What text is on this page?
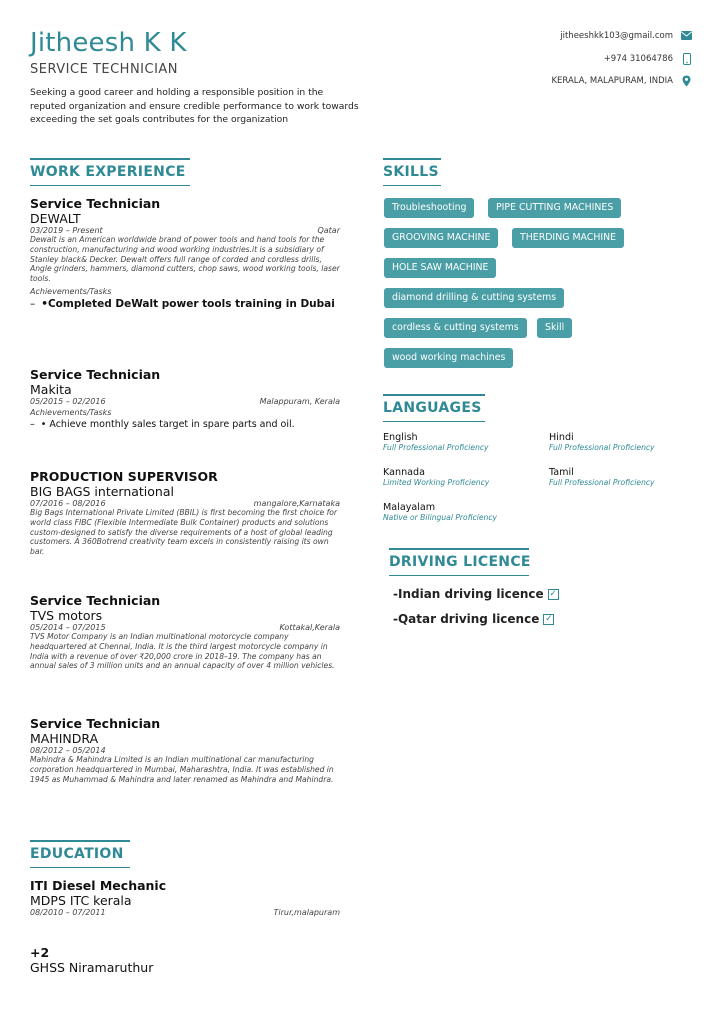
Jitheesh K K
SERVICE TECHNICIAN
Seeking a good career and holding a responsible position in the reputed organization and ensure credible performance to work towards exceeding the set goals contributes for the organization
jitheeshkk103@gmail.com
+974 31064786
KERALA, MALAPURAM, INDIA
WORK EXPERIENCE
Service Technician
DEWALT
03/2019 – Present	Qatar
Dewalt is an American worldwide brand of power tools and hand tools for the construction, manufacturing and wood working industries.it is a subsidiary of Stanley black& Decker. Dewalt offers full range of corded and cordless drills, Angle grinders, hammers, diamond cutters, chop saws, wood working tools, laser tools.
Achievements/Tasks
– •Completed DeWalt power tools training in Dubai
Service Technician
Makita
05/2015 – 02/2016	Malappuram, Kerala
Achievements/Tasks
– • Achieve monthly sales target in spare parts and oil.
PRODUCTION SUPERVISOR
BIG BAGS international
07/2016 – 08/2016	mangalore,Karnataka
Big Bags International Private Limited (BBIL) is first becoming the first choice for world class FIBC (Flexible Intermediate Bulk Container) products and solutions custom-designed to satisfy the diverse requirements of a host of global leading customers. A 360Botrend creativity team excels in consistently raising its own bar.
Service Technician
TVS motors
05/2014 – 07/2015	Kottakal,Kerala
TVS Motor Company is an Indian multinational motorcycle company headquartered at Chennai, India. It is the third largest motorcycle company in India with a revenue of over ₹20,000 crore in 2018–19. The company has an annual sales of 3 million units and an annual capacity of over 4 million vehicles.
Service Technician
MAHINDRA
08/2012 – 05/2014
Mahindra & Mahindra Limited is an Indian multinational car manufacturing corporation headquartered in Mumbai, Maharashtra, India. It was established in 1945 as Muhammad & Mahindra and later renamed as Mahindra and Mahindra.
EDUCATION
ITI Diesel Mechanic
MDPS ITC kerala
08/2010 – 07/2011	Tirur,malapuram
+2
GHSS Niramaruthur
SKILLS
Troubleshooting	PIPE CUTTING MACHINES
GROOVING MACHINE	THERDING MACHINE
HOLE SAW MACHINE
diamond drilling & cutting systems
cordless & cutting systems	Skill
wood working machines
LANGUAGES
English
Full Professional Proficiency
Hindi
Full Professional Proficiency
Kannada
Limited Working Proficiency
Tamil
Full Professional Proficiency
Malayalam
Native or Bilingual Proficiency
DRIVING LICENCE
-Indian driving licence ✓
-Qatar driving licence ✓
